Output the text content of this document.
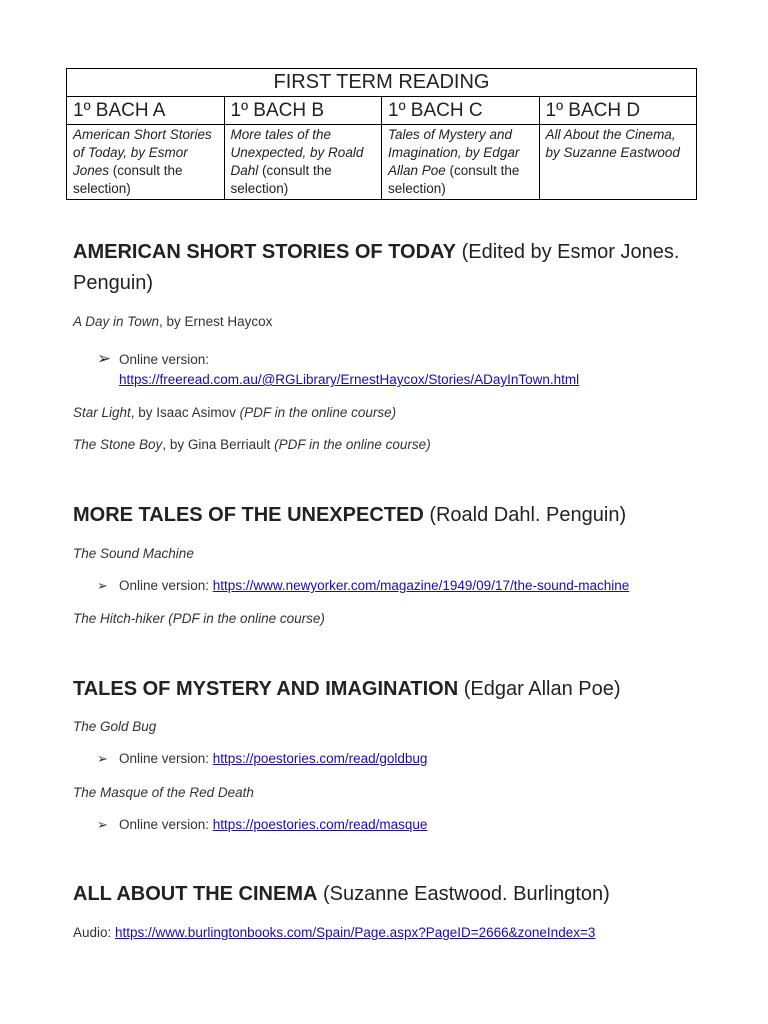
FIRST TERM READING			
1º BACH A	1º BACH B	1º BACH C	1º BACH D
American Short Stories of Today, by Esmor Jones (consult the selection)	More tales of the Unexpected, by Roald Dahl (consult the selection)	Tales of Mystery and Imagination, by Edgar Allan Poe (consult the selection)	All About the Cinema, by Suzanne Eastwood
AMERICAN SHORT STORIES OF TODAY (Edited by Esmor Jones. Penguin)
A Day in Town, by Ernest Haycox
➢ Online version:
https://freeread.com.au/@RGLibrary/ErnestHaycox/Stories/ADayInTown.html
Star Light, by Isaac Asimov (PDF in the online course)
The Stone Boy, by Gina Berriault (PDF in the online course)
MORE TALES OF THE UNEXPECTED (Roald Dahl. Penguin)
The Sound Machine
➢ Online version: https://www.newyorker.com/magazine/1949/09/17/the-sound-machine
The Hitch-hiker (PDF in the online course)
TALES OF MYSTERY AND IMAGINATION (Edgar Allan Poe)
The Gold Bug
➢ Online version: https://poestories.com/read/goldbug
The Masque of the Red Death
➢ Online version: https://poestories.com/read/masque
ALL ABOUT THE CINEMA (Suzanne Eastwood. Burlington)
Audio: https://www.burlingtonbooks.com/Spain/Page.aspx?PageID=2666&zoneIndex=3
